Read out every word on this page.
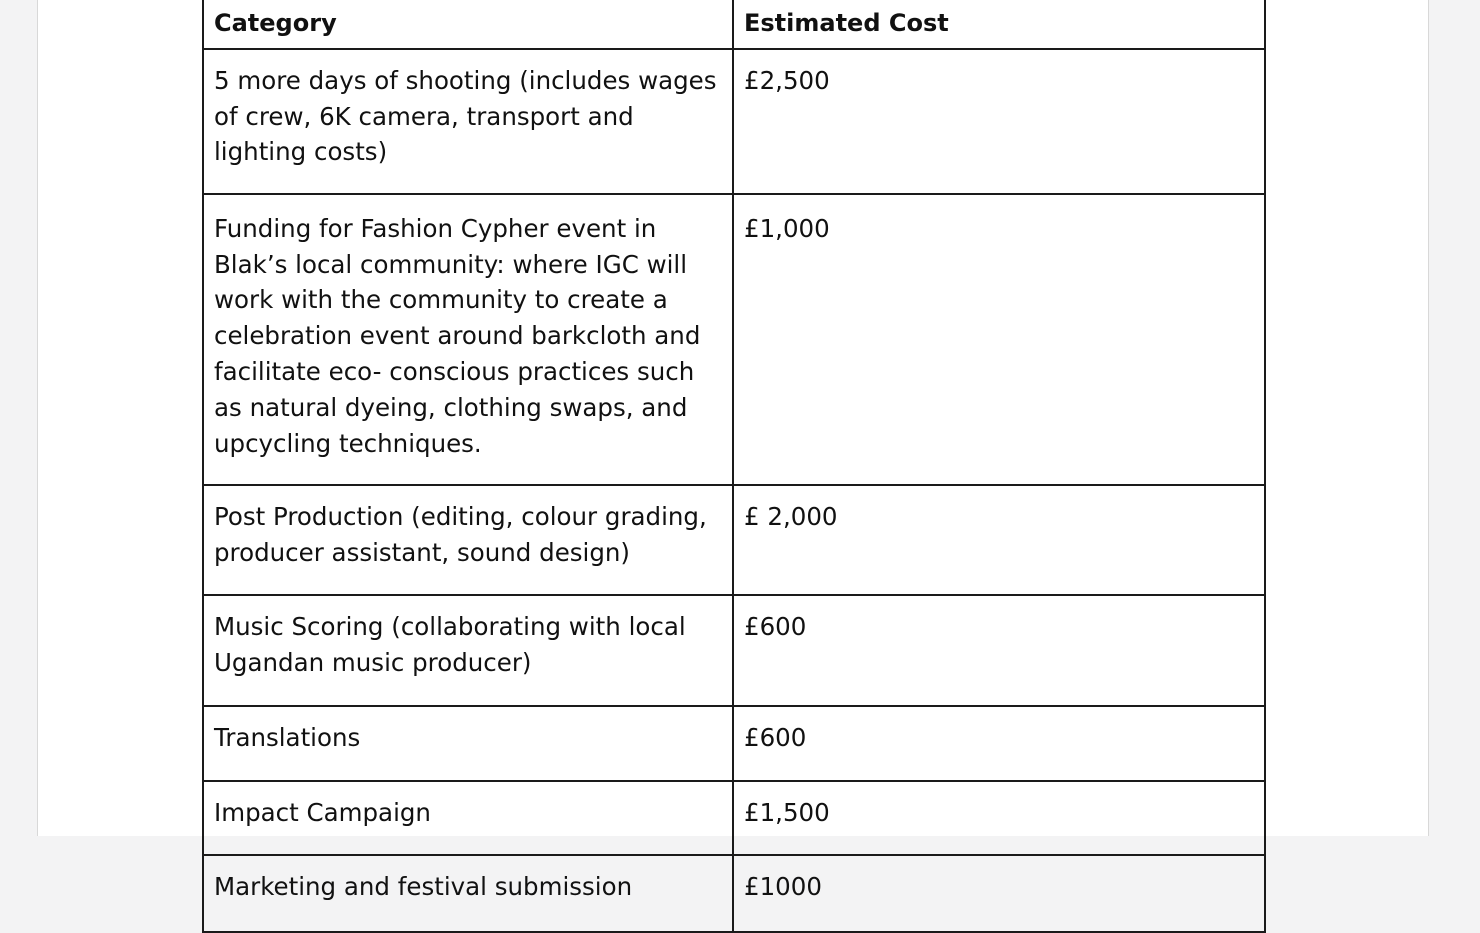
Category	Estimated Cost
5 more days of shooting (includes wages of crew, 6K camera, transport and lighting costs)	£2,500
Funding for Fashion Cypher event in Blak’s local community: where IGC will work with the community to create a celebration event around barkcloth and facilitate eco- conscious practices such as natural dyeing, clothing swaps, and upcycling techniques.	£1,000
Post Production (editing, colour grading, producer assistant, sound design)	£ 2,000
Music Scoring (collaborating with local Ugandan music producer)	£600
Translations	£600
Impact Campaign	£1,500
Marketing and festival submission	£1000
